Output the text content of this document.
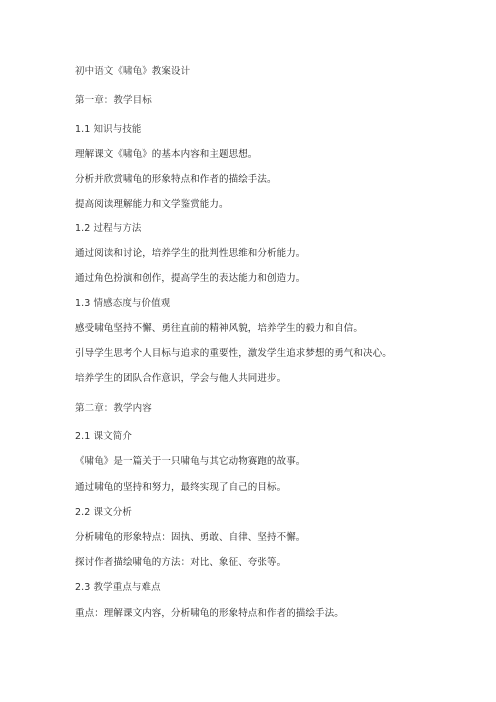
初中语文《啸龟》教案设计
第一章：教学目标
1.1 知识与技能
理解课文《啸龟》的基本内容和主题思想。
分析并欣赏啸龟的形象特点和作者的描绘手法。
提高阅读理解能力和文学鉴赏能力。
1.2 过程与方法
通过阅读和讨论，培养学生的批判性思维和分析能力。
通过角色扮演和创作，提高学生的表达能力和创造力。
1.3 情感态度与价值观
感受啸龟坚持不懈、勇往直前的精神风貌，培养学生的毅力和自信。
引导学生思考个人目标与追求的重要性，激发学生追求梦想的勇气和决心。
培养学生的团队合作意识，学会与他人共同进步。
第二章：教学内容
2.1 课文简介
《啸龟》是一篇关于一只啸龟与其它动物赛跑的故事。
通过啸龟的坚持和努力，最终实现了自己的目标。
2.2 课文分析
分析啸龟的形象特点：固执、勇敢、自律、坚持不懈。
探讨作者描绘啸龟的方法：对比、象征、夸张等。
2.3 教学重点与难点
重点：理解课文内容，分析啸龟的形象特点和作者的描绘手法。
